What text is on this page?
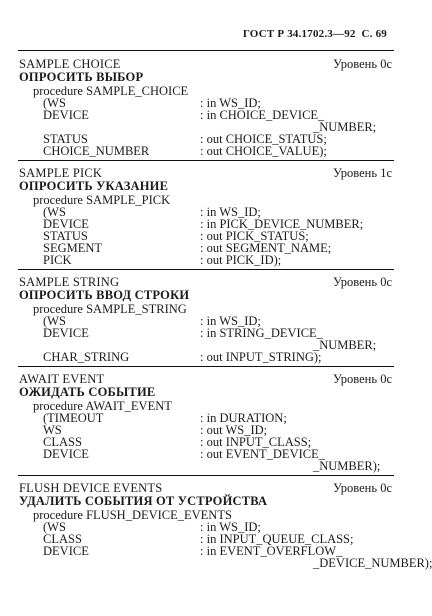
ГОСТ Р 34.1702.3—92 С. 69
SAMPLE CHOICE	Уровень 0с
ОПРОСИТЬ ВЫБОР
procedure SAMPLE_CHOICE
(WS	: in WS_ID;
DEVICE	: in CHOICE_DEVICE_
_NUMBER;
STATUS	: out CHOICE_STATUS;
CHOICE_NUMBER	: out CHOICE_VALUE);
SAMPLE PICK	Уровень 1с
ОПРОСИТЬ УКАЗАНИЕ
procedure SAMPLE_PICK
(WS	: in WS_ID;
DEVICE	: in PICK_DEVICE_NUMBER;
STATUS	: out PICK_STATUS;
SEGMENT	: out SEGMENT_NAME;
PICK	: out PICK_ID);
SAMPLE STRING	Уровень 0с
ОПРОСИТЬ ВВОД СТРОКИ
procedure SAMPLE_STRING
(WS	: in WS_ID;
DEVICE	: in STRING_DEVICE_
_NUMBER;
CHAR_STRING	: out INPUT_STRING);
AWAIT EVENT	Уровень 0с
ОЖИДАТЬ СОБЫТИЕ
procedure AWAIT_EVENT
(TIMEOUT	: in DURATION;
WS	: out WS_ID;
CLASS	: out INPUT_CLASS;
DEVICE	: out EVENT_DEVICE_
_NUMBER);
FLUSH DEVICE EVENTS	Уровень 0с
УДАЛИТЬ СОБЫТИЯ ОТ УСТРОЙСТВА
procedure FLUSH_DEVICE_EVENTS
(WS	: in WS_ID;
CLASS	: in INPUT_QUEUE_CLASS;
DEVICE	: in EVENT_OVERFLOW_
_DEVICE_NUMBER);
